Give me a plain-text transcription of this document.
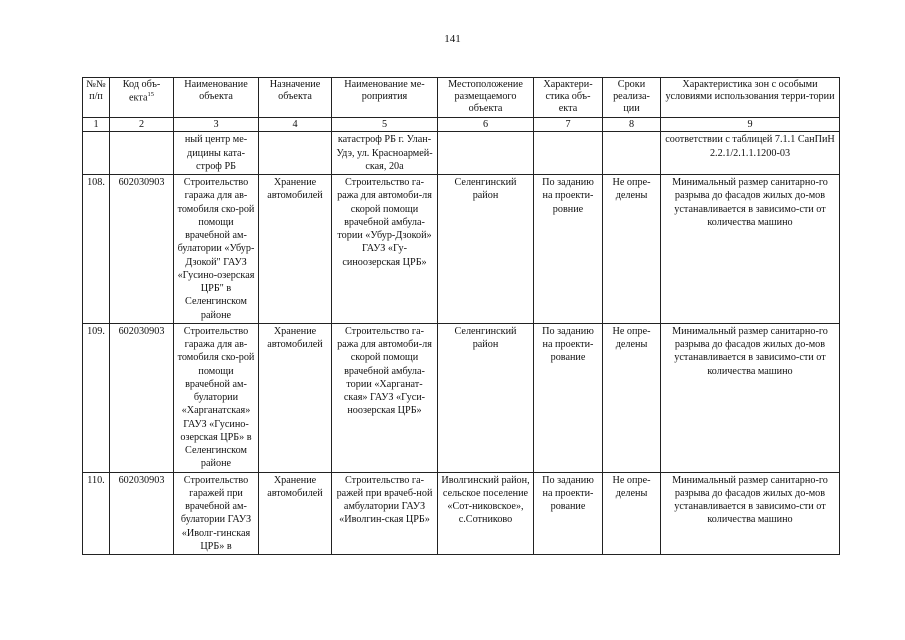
141
№№ п/п	Код объ-екта$^{15}$	Наименование объекта	Назначение объекта	Наименование ме-роприятия	Местоположение размещаемого объекта	Характери-стика объ-екта	Сроки реализа-ции	Характеристика зон с особыми условиями использования терри-тории
1	2	3	4	5	6	7	8	9
		ный центр ме-дицины ката-строф РБ		катастроф РБ г. Улан-Удэ, ул. Красноармей-ская, 20а				соответствии с таблицей 7.1.1 СанПиН 2.2.1/2.1.1.1200-03
108.	602030903	Строительство гаража для ав-томобиля ско-рой помощи врачебной ам-булатории «Убур-Дзокой" ГАУЗ «Гусино-озерская ЦРБ" в Селенгинском районе	Хранение автомобилей	Строительство га-ража для автомоби-ля скорой помощи врачебной амбула-тории «Убур-Дзокой» ГАУЗ «Гу-синоозерская ЦРБ»	Селенгинский район	По заданию на проекти-ровние	Не опре-делены	Минимальный размер санитарно-го разрыва до фасадов жилых до-мов устанавливается в зависимо-сти от количества машино
109.	602030903	Строительство гаража для ав-томобиля ско-рой помощи врачебной ам-булатории «Харганатская» ГАУЗ «Гусино-озерская ЦРБ» в Селенгинском районе	Хранение автомобилей	Строительство га-ража для автомоби-ля скорой помощи врачебной амбула-тории «Харганат-ская» ГАУЗ «Гуси-ноозерская ЦРБ»	Селенгинский район	По заданию на проекти-рование	Не опре-делены	Минимальный размер санитарно-го разрыва до фасадов жилых до-мов устанавливается в зависимо-сти от количества машино
110.	602030903	Строительство гаражей при врачебной ам-булатории ГАУЗ «Иволг-гинская ЦРБ» в	Хранение автомобилей	Строительство га-ражей при врачеб-ной амбулатории ГАУЗ «Иволгин-ская ЦРБ»	Иволгинский район, сельское поселение «Сот-никовское», с.Сотниково	По заданию на проекти-рование	Не опре-делены	Минимальный размер санитарно-го разрыва до фасадов жилых до-мов устанавливается в зависимо-сти от количества машино
